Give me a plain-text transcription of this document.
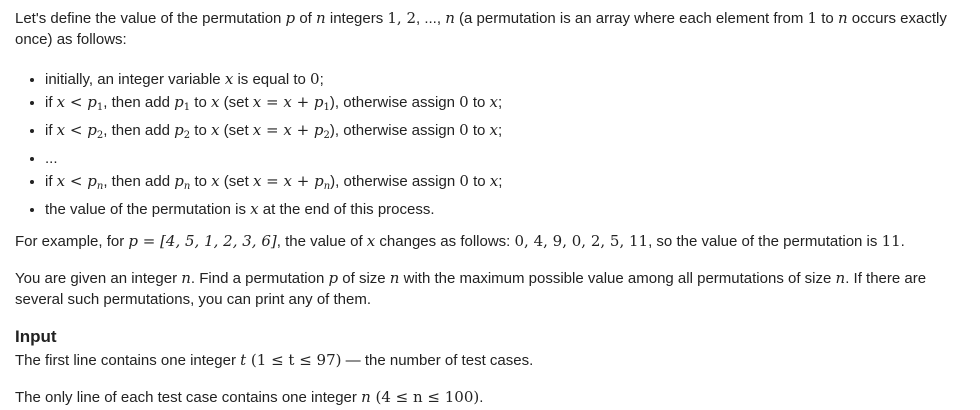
Let's define the value of the permutation p of n integers 1, 2, ..., n (a permutation is an array where each element from 1 to n occurs exactly once) as follows:

• initially, an integer variable x is equal to 0;
• if $x < p_1$, then add $p_1$ to x (set $x = x + p_1$), otherwise assign 0 to x;
• if $x < p_2$, then add $p_2$ to x (set $x = x + p_2$), otherwise assign 0 to x;
• ...
• if $x < p_n$, then add $p_n$ to x (set $x = x + p_n$), otherwise assign 0 to x;
• the value of the permutation is x at the end of this process.

For example, for p = [4, 5, 1, 2, 3, 6], the value of x changes as follows: 0, 4, 9, 0, 2, 5, 11, so the value of the permutation is 11.

You are given an integer n. Find a permutation p of size n with the maximum possible value among all permutations of size n. If there are several such permutations, you can print any of them.

Input

The first line contains one integer t (1 ≤ t ≤ 97) — the number of test cases.

The only line of each test case contains one integer n (4 ≤ n ≤ 100).
